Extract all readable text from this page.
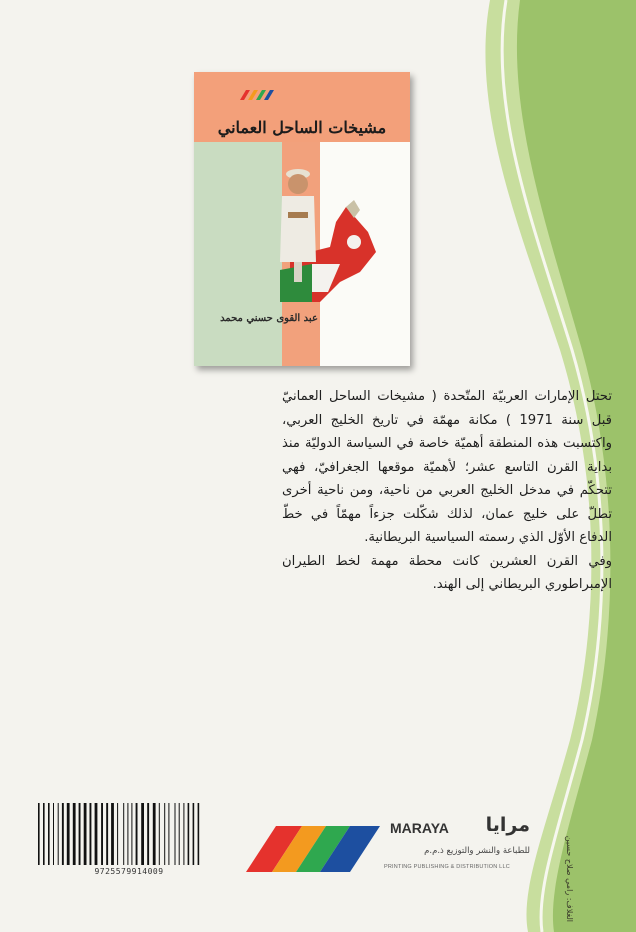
مشيخات الساحل العماني
عبد القوى حسني محمد

تحتل الإمارات العربيّة المتّحدة ( مشيخات الساحل العمانيّ قبل سنة 1971 ) مكانة مهمّة في تاريخ الخليج العربي، واكتسبت هذه المنطقة أهميّة خاصة في السياسة الدوليّة منذ بداية القرن التاسع عشر؛ لأهميّة موقعها الجغرافيّ، فهي تتحكّم في مدخل الخليج العربي من ناحية، ومن ناحية أخرى تطلّ على خليج عمان، لذلك شكّلت جزءاً مهمّاً في خطّ الدفاع الأوّل الذي رسمته السياسية البريطانية.

وفي القرن العشرين كانت محطة مهمة لخط الطيران الإمبراطوري البريطاني إلى الهند.

9725579914009
MARAYA	مرايا
للطباعة والنشر والتوزيع ذ.م.م
PRINTING PUBLISHING & DISTRIBUTION LLC	الغلاف: رامي صلاح حسين
